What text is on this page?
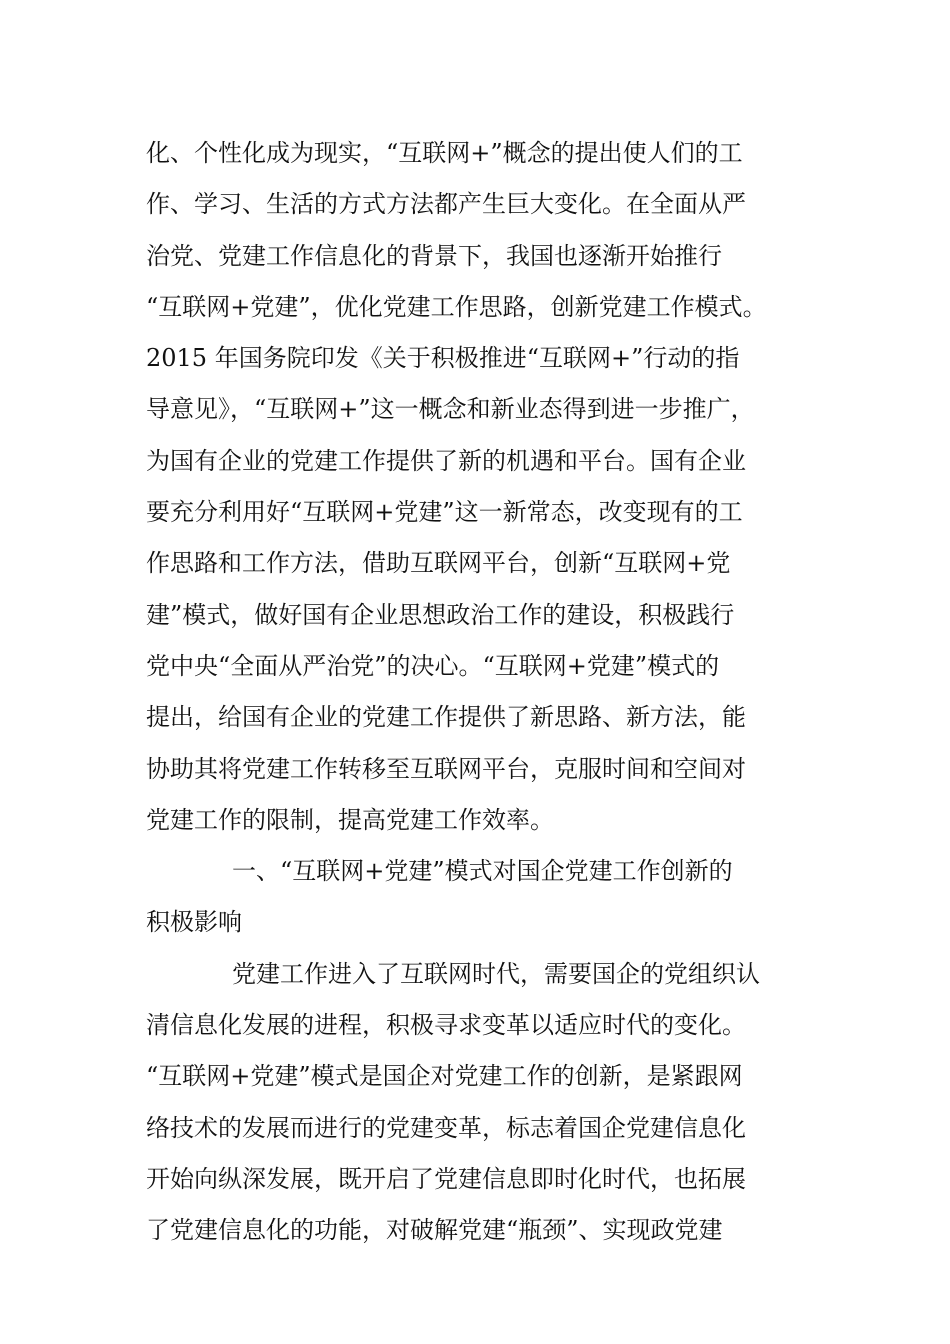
化、个性化成为现实，“互联网+”概念的提出使人们的工
作、学习、生活的方式方法都产生巨大变化。在全面从严
治党、党建工作信息化的背景下，我国也逐渐开始推行
“互联网+党建”，优化党建工作思路，创新党建工作模式。
2015 年国务院印发《关于积极推进“互联网+”行动的指
导意见》，“互联网+”这一概念和新业态得到进一步推广，
为国有企业的党建工作提供了新的机遇和平台。国有企业
要充分利用好“互联网+党建”这一新常态，改变现有的工
作思路和工作方法，借助互联网平台，创新“互联网+党
建”模式，做好国有企业思想政治工作的建设，积极践行
党中央“全面从严治党”的决心。“互联网+党建”模式的
提出，给国有企业的党建工作提供了新思路、新方法，能
协助其将党建工作转移至互联网平台，克服时间和空间对
党建工作的限制，提高党建工作效率。
一、“互联网+党建”模式对国企党建工作创新的
积极影响
党建工作进入了互联网时代，需要国企的党组织认
清信息化发展的进程，积极寻求变革以适应时代的变化。
“互联网+党建”模式是国企对党建工作的创新，是紧跟网
络技术的发展而进行的党建变革，标志着国企党建信息化
开始向纵深发展，既开启了党建信息即时化时代，也拓展
了党建信息化的功能，对破解党建“瓶颈”、实现政党建
